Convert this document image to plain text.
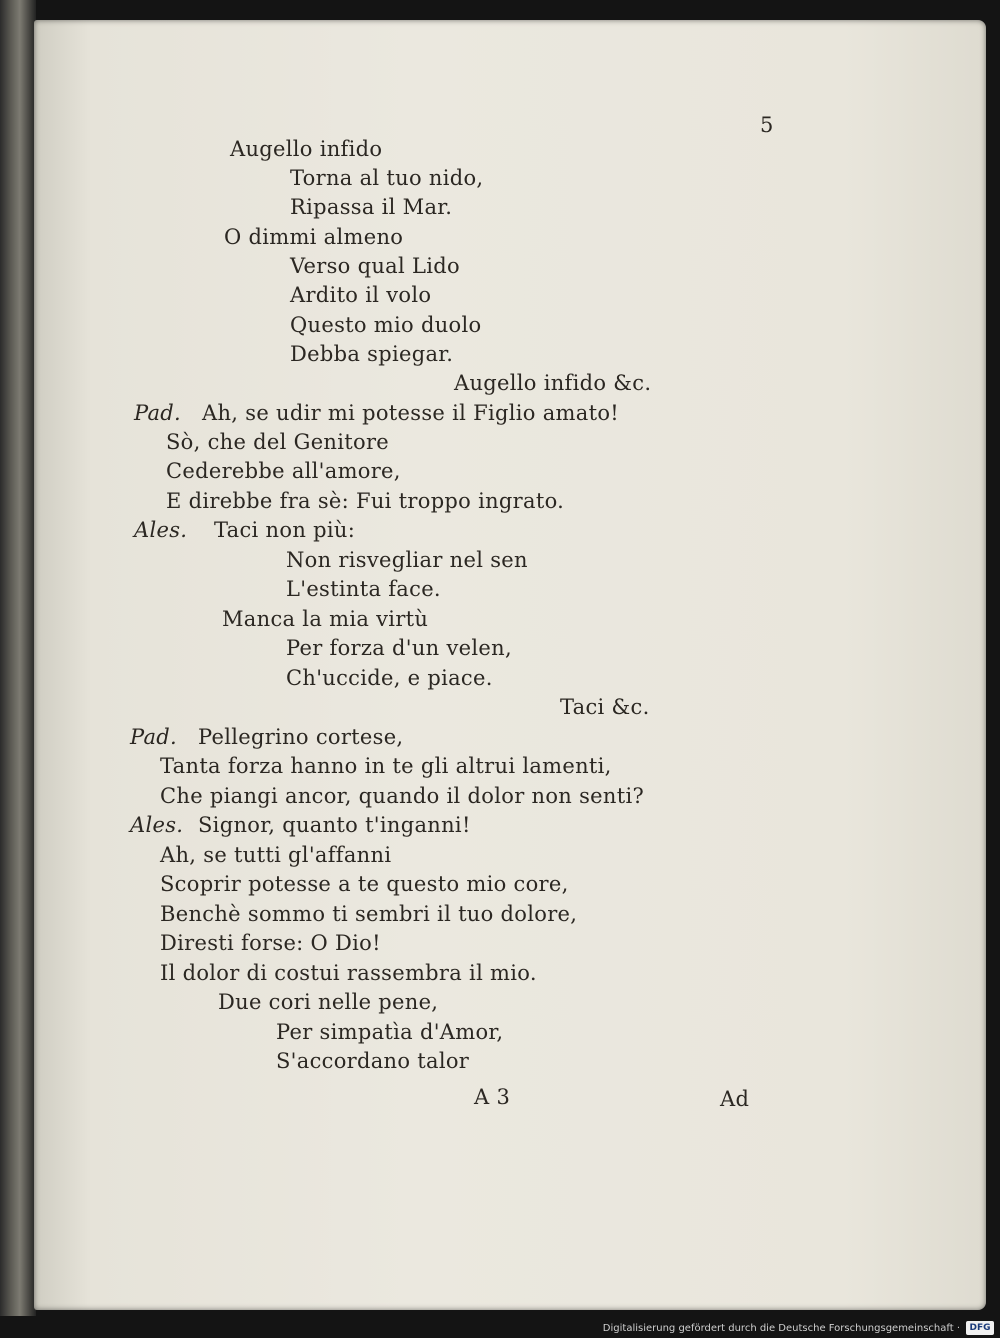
5
Augello infido
Torna al tuo nido,
Ripassa il Mar.
O dimmi almeno
Verso qual Lido
Ardito il volo
Questo mio duolo
Debba spiegar.
Augello infido &c.
Pad. Ah, se udir mi potesse il Figlio amato!
Sò, che del Genitore
Cederebbe all'amore,
E direbbe fra sè: Fui troppo ingrato.
Ales. Taci non più:
Non risvegliar nel sen
L'estinta face.
Manca la mia virtù
Per forza d'un velen,
Ch'uccide, e piace.
Taci &c.
Pad. Pellegrino cortese,
Tanta forza hanno in te gli altrui lamenti,
Che piangi ancor, quando il dolor non senti?
Ales. Signor, quanto t'inganni!
Ah, se tutti gl'affanni
Scoprir potesse a te questo mio core,
Benchè sommo ti sembri il tuo dolore,
Diresti forse: O Dio!
Il dolor di costui rassembra il mio.
Due cori nelle pene,
Per simpatìa d'Amor,
S'accordano talor
A 3	Ad
Digitalisierung gefördert durch die Deutsche Forschungsgemeinschaft ·	DFG
